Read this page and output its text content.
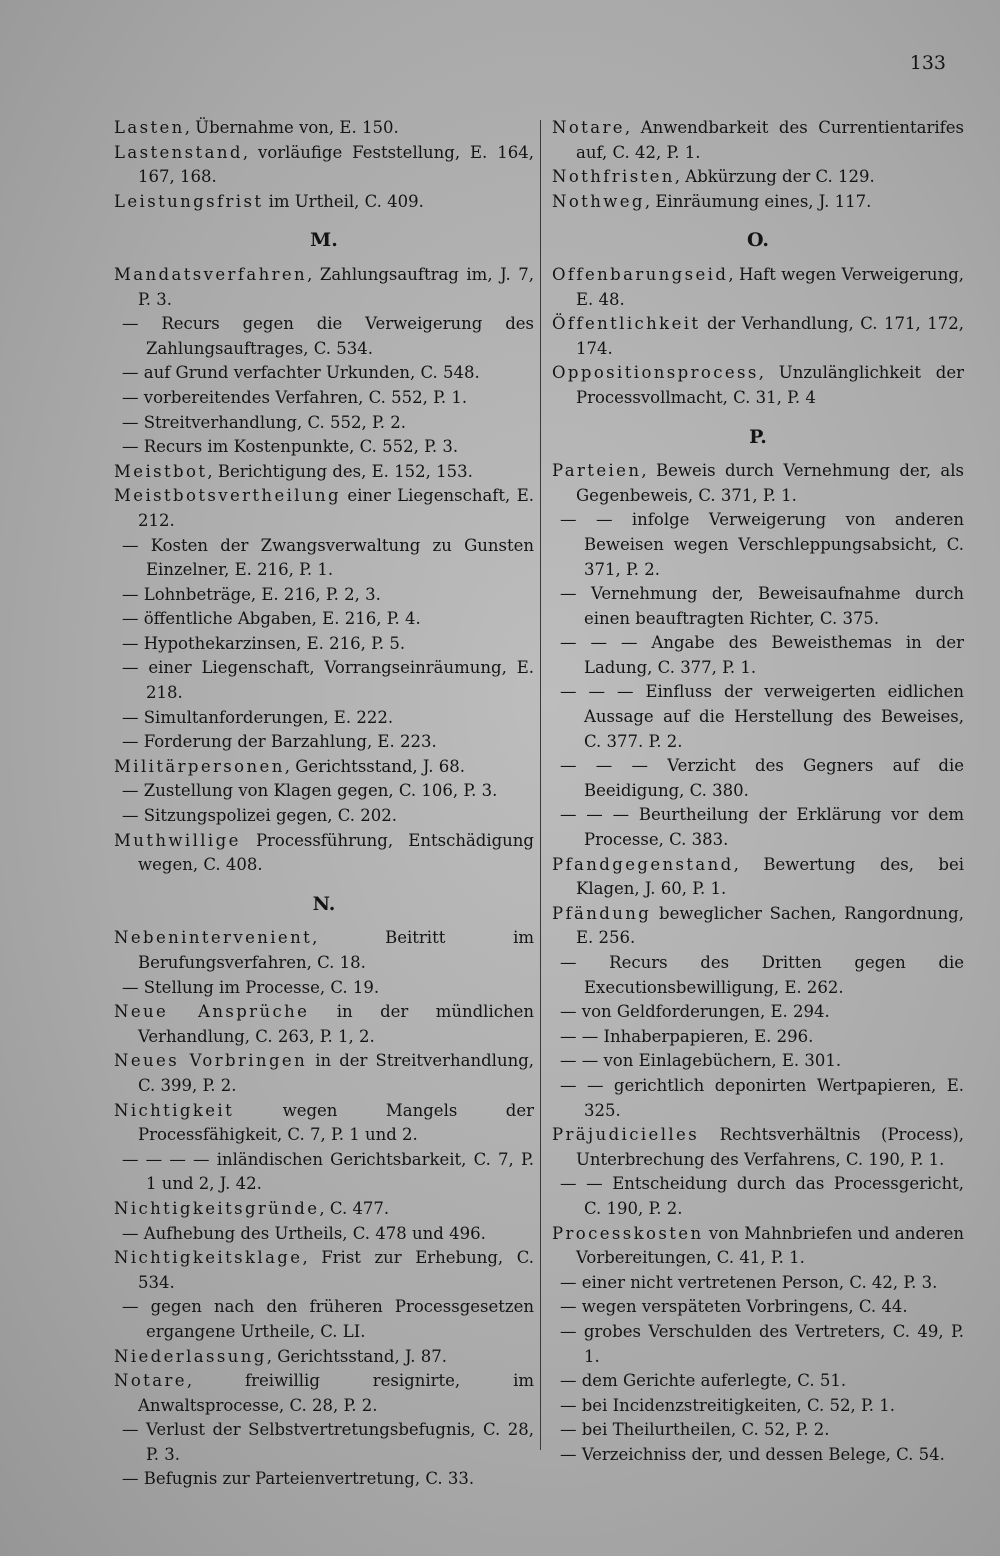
133
Lasten, Übernahme von, E. 150.
Lastenstand, vorläufige Feststellung, E. 164, 167, 168.
Leistungsfrist im Urtheil, C. 409.
M.
Mandatsverfahren, Zahlungsauftrag im, J. 7, P. 3.
— Recurs gegen die Verweigerung des Zahlungsauftrages, C. 534.
— auf Grund verfachter Urkunden, C. 548.
— vorbereitendes Verfahren, C. 552, P. 1.
— Streitverhandlung, C. 552, P. 2.
— Recurs im Kostenpunkte, C. 552, P. 3.
Meistbot, Berichtigung des, E. 152, 153.
Meistbotsvertheilung einer Liegenschaft, E. 212.
— Kosten der Zwangsverwaltung zu Gunsten Einzelner, E. 216, P. 1.
— Lohnbeträge, E. 216, P. 2, 3.
— öffentliche Abgaben, E. 216, P. 4.
— Hypothekarzinsen, E. 216, P. 5.
— einer Liegenschaft, Vorrangseinräumung, E. 218.
— Simultanforderungen, E. 222.
— Forderung der Barzahlung, E. 223.
Militärpersonen, Gerichtsstand, J. 68.
— Zustellung von Klagen gegen, C. 106, P. 3.
— Sitzungspolizei gegen, C. 202.
Muthwillige Processführung, Entschädigung wegen, C. 408.
N.
Nebenintervenient, Beitritt im Berufungsverfahren, C. 18.
— Stellung im Processe, C. 19.
Neue Ansprüche in der mündlichen Verhandlung, C. 263, P. 1, 2.
Neues Vorbringen in der Streitverhandlung, C. 399, P. 2.
Nichtigkeit wegen Mangels der Processfähigkeit, C. 7, P. 1 und 2.
— — — — inländischen Gerichtsbarkeit, C. 7, P. 1 und 2, J. 42.
Nichtigkeitsgründe, C. 477.
— Aufhebung des Urtheils, C. 478 und 496.
Nichtigkeitsklage, Frist zur Erhebung, C. 534.
— gegen nach den früheren Processgesetzen ergangene Urtheile, C. LI.
Niederlassung, Gerichtsstand, J. 87.
Notare, freiwillig resignirte, im Anwaltsprocesse, C. 28, P. 2.
— Verlust der Selbstvertretungsbefugnis, C. 28, P. 3.
— Befugnis zur Parteienvertretung, C. 33.
Notare, Anwendbarkeit des Currentientarifes auf, C. 42, P. 1.
Nothfristen, Abkürzung der C. 129.
Nothweg, Einräumung eines, J. 117.
O.
Offenbarungseid, Haft wegen Verweigerung, E. 48.
Öffentlichkeit der Verhandlung, C. 171, 172, 174.
Oppositionsprocess, Unzulänglichkeit der Processvollmacht, C. 31, P. 4
P.
Parteien, Beweis durch Vernehmung der, als Gegenbeweis, C. 371, P. 1.
— — infolge Verweigerung von anderen Beweisen wegen Verschleppungsabsicht, C. 371, P. 2.
— Vernehmung der, Beweisaufnahme durch einen beauftragten Richter, C. 375.
— — — Angabe des Beweisthemas in der Ladung, C. 377, P. 1.
— — — Einfluss der verweigerten eidlichen Aussage auf die Herstellung des Beweises, C. 377. P. 2.
— — — Verzicht des Gegners auf die Beeidigung, C. 380.
— — — Beurtheilung der Erklärung vor dem Processe, C. 383.
Pfandgegenstand, Bewertung des, bei Klagen, J. 60, P. 1.
Pfändung beweglicher Sachen, Rangordnung, E. 256.
— Recurs des Dritten gegen die Executionsbewilligung, E. 262.
— von Geldforderungen, E. 294.
— — Inhaberpapieren, E. 296.
— — von Einlagebüchern, E. 301.
— — gerichtlich deponirten Wertpapieren, E. 325.
Präjudicielles Rechtsverhältnis (Process), Unterbrechung des Verfahrens, C. 190, P. 1.
— — Entscheidung durch das Processgericht, C. 190, P. 2.
Processkosten von Mahnbriefen und anderen Vorbereitungen, C. 41, P. 1.
— einer nicht vertretenen Person, C. 42, P. 3.
— wegen verspäteten Vorbringens, C. 44.
— grobes Verschulden des Vertreters, C. 49, P. 1.
— dem Gerichte auferlegte, C. 51.
— bei Incidenzstreitigkeiten, C. 52, P. 1.
— bei Theilurtheilen, C. 52, P. 2.
— Verzeichniss der, und dessen Belege, C. 54.
